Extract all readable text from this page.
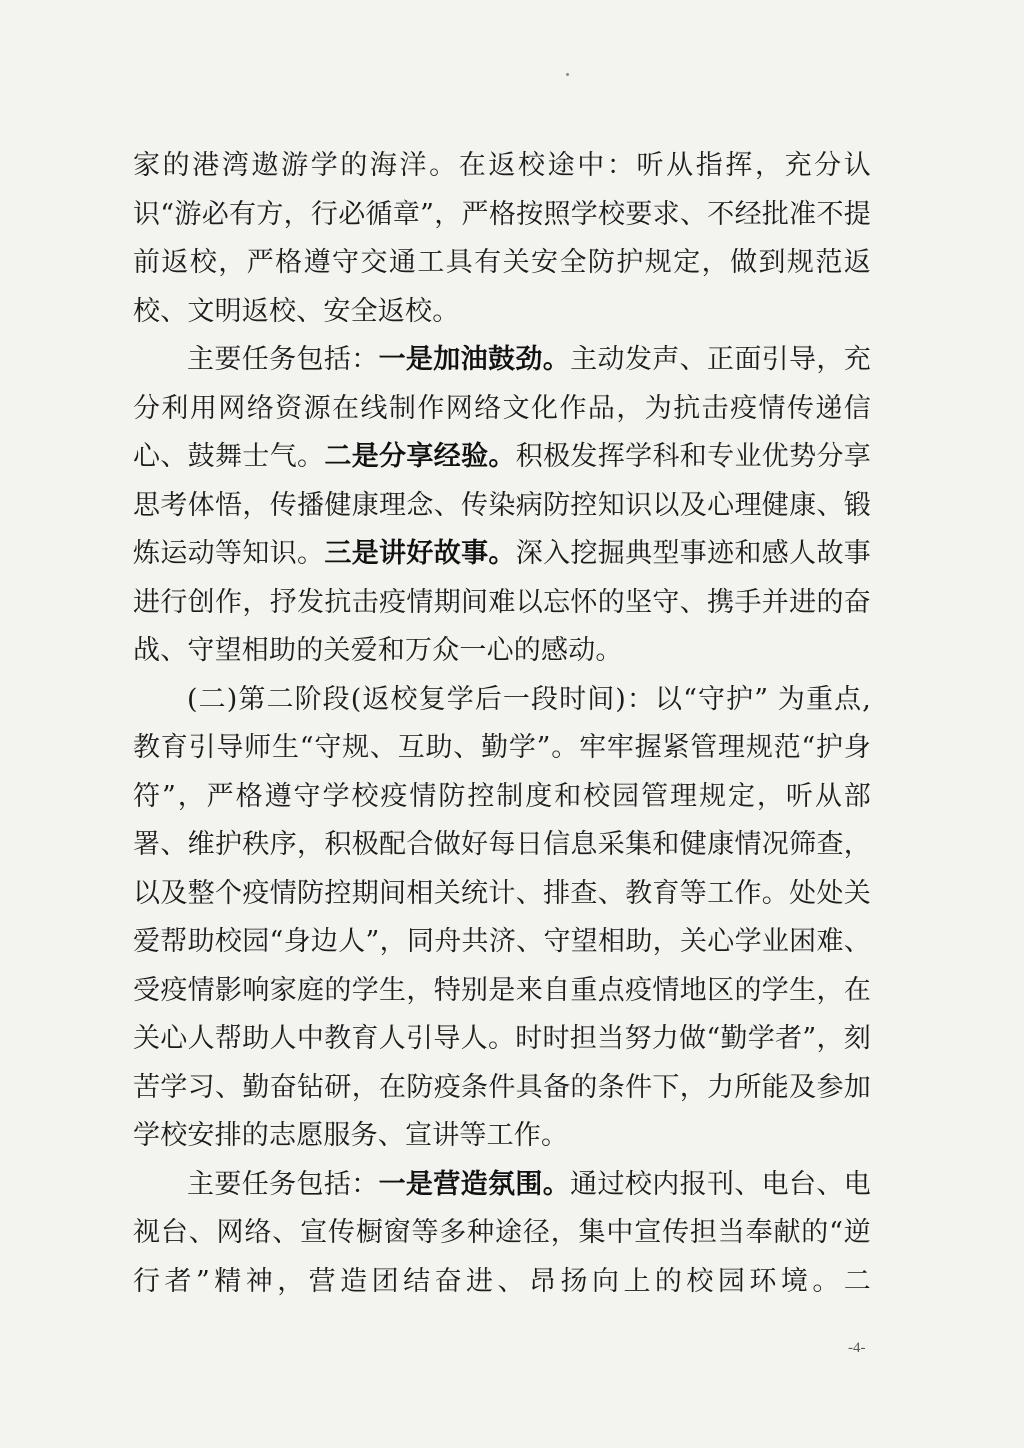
家的港湾遨游学的海洋。在返校途中：听从指挥，充分认识“游必有方，行必循章”，严格按照学校要求、不经批准不提前返校，严格遵守交通工具有关安全防护规定，做到规范返校、文明返校、安全返校。

主要任务包括：一是加油鼓劲。主动发声、正面引导，充分利用网络资源在线制作网络文化作品，为抗击疫情传递信心、鼓舞士气。二是分享经验。积极发挥学科和专业优势分享思考体悟，传播健康理念、传染病防控知识以及心理健康、锻炼运动等知识。三是讲好故事。深入挖掘典型事迹和感人故事进行创作，抒发抗击疫情期间难以忘怀的坚守、携手并进的奋战、守望相助的关爱和万众一心的感动。

(二)第二阶段(返校复学后一段时间)：以“守护” 为重点,教育引导师生“守规、互助、勤学”。牢牢握紧管理规范“护身符”，严格遵守学校疫情防控制度和校园管理规定，听从部署、维护秩序，积极配合做好每日信息采集和健康情况筛查，以及整个疫情防控期间相关统计、排查、教育等工作。处处关爱帮助校园“身边人”，同舟共济、守望相助，关心学业困难、受疫情影响家庭的学生，特别是来自重点疫情地区的学生，在关心人帮助人中教育人引导人。时时担当努力做“勤学者”，刻苦学习、勤奋钻研，在防疫条件具备的条件下，力所能及参加学校安排的志愿服务、宣讲等工作。

主要任务包括：一是营造氛围。通过校内报刊、电台、电视台、网络、宣传橱窗等多种途径，集中宣传担当奉献的“逆行者”精神，营造团结奋进、昂扬向上的校园环境。二

-4-
